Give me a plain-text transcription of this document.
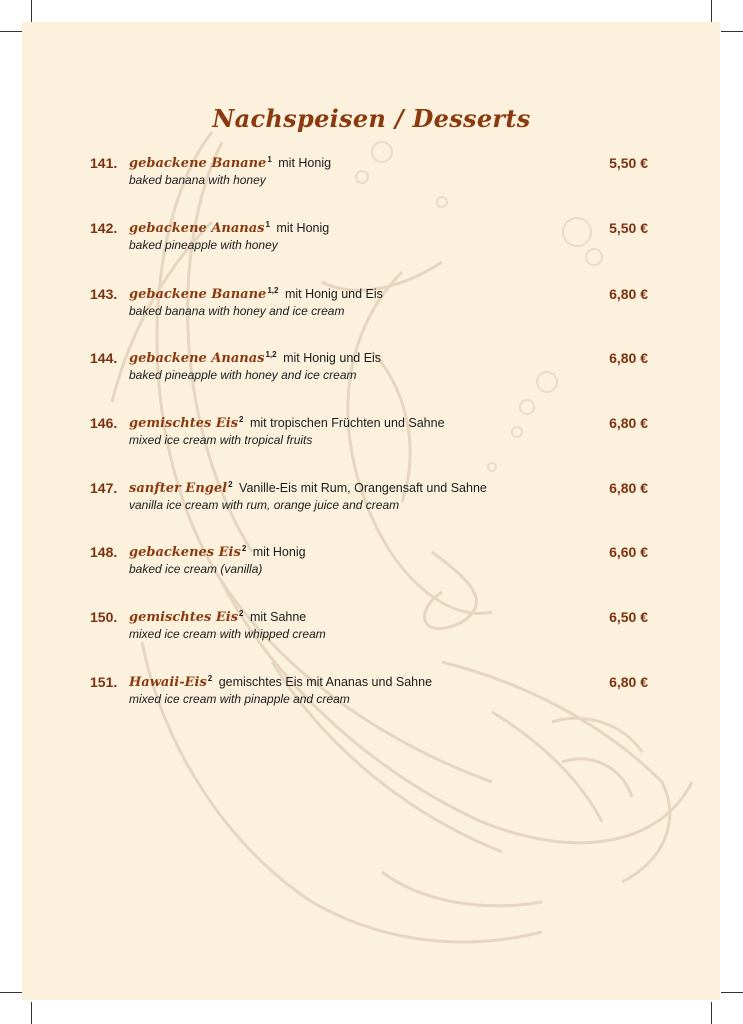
Nachspeisen / Desserts
141. gebackene Banane$^1$ mit Honig
baked banana with honey
5,50 €
142. gebackene Ananas$^1$ mit Honig
baked pineapple with honey
5,50 €
143. gebackene Banane$^{1,2}$ mit Honig und Eis
baked banana with honey and ice cream
6,80 €
144. gebackene Ananas$^{1,2}$ mit Honig und Eis
baked pineapple with honey and ice cream
6,80 €
146. gemischtes Eis$^2$ mit tropischen Früchten und Sahne
mixed ice cream with tropical fruits
6,80 €
147. sanfter Engel$^2$ Vanille-Eis mit Rum, Orangensaft und Sahne
vanilla ice cream with rum, orange juice and cream
6,80 €
148. gebackenes Eis$^2$ mit Honig
baked ice cream (vanilla)
6,60 €
150. gemischtes Eis$^2$ mit Sahne
mixed ice cream with whipped cream
6,50 €
151. Hawaii-Eis$^2$ gemischtes Eis mit Ananas und Sahne
mixed ice cream with pinapple and cream
6,80 €
